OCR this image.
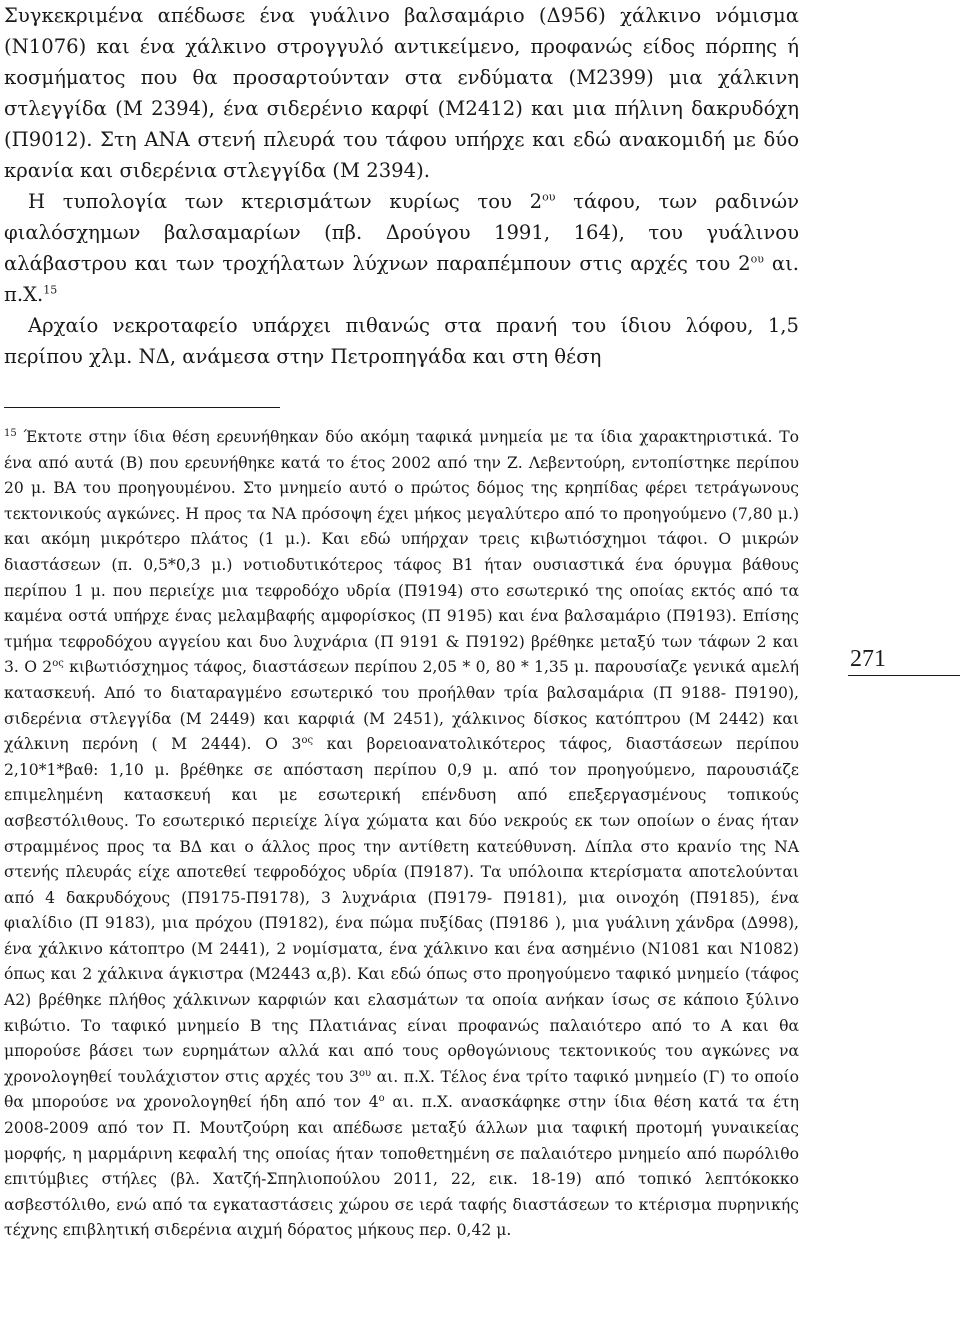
Συγκεκριμένα απέδωσε ένα γυάλινο βαλσαμάριο (Δ956) χάλκινο νόμισμα (Ν1076) και ένα χάλκινο στρογγυλό αντικείμενο, προφανώς είδος πόρπης ή κοσμήματος που θα προσαρτούνταν στα ενδύματα (Μ2399) μια χάλκινη στλεγγίδα (Μ 2394), ένα σιδερένιο καρφί (Μ2412) και μια πήλινη δακρυδόχη (Π9012). Στη ΑΝΑ στενή πλευρά του τάφου υπήρχε και εδώ ανακομιδή με δύο κρανία και σιδερένια στλεγγίδα (Μ 2394).

Η τυπολογία των κτερισμάτων κυρίως του $2^{o\upsilon}$ τάφου, των ραδινών φιαλόσχημων βαλσαμαρίων (πβ. Δρούγου 1991, 164), του γυάλινου αλάβαστρου και των τροχήλατων λύχνων παραπέμπουν στις αρχές του $2^{o\upsilon}$ αι. π.Χ.$^{15}$

Αρχαίο νεκροταφείο υπάρχει πιθανώς στα πρανή του ίδιου λόφου, 1,5 περίπου χλμ. ΝΔ, ανάμεσα στην Πετροπηγάδα και στη θέση

$^{15}$ Έκτοτε στην ίδια θέση ερευνήθηκαν δύο ακόμη ταφικά μνημεία με τα ίδια χαρακτηριστικά. Το ένα από αυτά (Β) που ερευνήθηκε κατά το έτος 2002 από την Ζ. Λεβεντούρη, εντοπίστηκε περίπου 20 μ. ΒΑ του προηγουμένου. Στο μνημείο αυτό ο πρώτος δόμος της κρηπίδας φέρει τετράγωνους τεκτονικούς αγκώνες. Η προς τα ΝΑ πρόσοψη έχει μήκος μεγαλύτερο από το προηγούμενο (7,80 μ.) και ακόμη μικρότερο πλάτος (1 μ.). Και εδώ υπήρχαν τρεις κιβωτιόσχημοι τάφοι. Ο μικρών διαστάσεων (π. 0,5*0,3 μ.) νοτιοδυτικότερος τάφος Β1 ήταν ουσιαστικά ένα όρυγμα βάθους περίπου 1 μ. που περιείχε μια τεφροδόχο υδρία (Π9194) στο εσωτερικό της οποίας εκτός από τα καμένα οστά υπήρχε ένας μελαμβαφής αμφορίσκος (Π 9195) και ένα βαλσαμάριο (Π9193). Επίσης τμήμα τεφροδόχου αγγείου και δυο λυχνάρια (Π 9191 & Π9192) βρέθηκε μεταξύ των τάφων 2 και 3. Ο $2^{o\varsigma}$ κιβωτιόσχημος τάφος, διαστάσεων περίπου 2,05 * 0, 80 * 1,35 μ. παρουσίαζε γενικά αμελή κατασκευή. Από το διαταραγμένο εσωτερικό του προήλθαν τρία βαλσαμάρια (Π 9188- Π9190), σιδερένια στλεγγίδα (Μ 2449) και καρφιά (Μ 2451), χάλκινος δίσκος κατόπτρου (Μ 2442) και χάλκινη περόνη ( Μ 2444). Ο $3^{o\varsigma}$ και βορειοανατολικότερος τάφος, διαστάσεων περίπου 2,10*1*βαθ: 1,10 μ. βρέθηκε σε απόσταση περίπου 0,9 μ. από τον προηγούμενο, παρουσιάζε επιμελημένη κατασκευή και με εσωτερική επένδυση από επεξεργασμένους τοπικούς ασβεστόλιθους. Το εσωτερικό περιείχε λίγα χώματα και δύο νεκρούς εκ των οποίων ο ένας ήταν στραμμένος προς τα ΒΔ και ο άλλος προς την αντίθετη κατεύθυνση. Δίπλα στο κρανίο της ΝΑ στενής πλευράς είχε αποτεθεί τεφροδόχος υδρία (Π9187). Τα υπόλοιπα κτερίσματα αποτελούνται από 4 δακρυδόχους (Π9175-Π9178), 3 λυχνάρια (Π9179- Π9181), μια οινοχόη (Π9185), ένα φιαλίδιο (Π 9183), μια πρόχου (Π9182), ένα πώμα πυξίδας (Π9186 ), μια γυάλινη χάνδρα (Δ998), ένα χάλκινο κάτοπτρο (Μ 2441), 2 νομίσματα, ένα χάλκινο και ένα ασημένιο (Ν1081 και Ν1082) όπως και 2 χάλκινα άγκιστρα (Μ2443 α,β). Και εδώ όπως στο προηγούμενο ταφικό μνημείο (τάφος Α2) βρέθηκε πλήθος χάλκινων καρφιών και ελασμάτων τα οποία ανήκαν ίσως σε κάποιο ξύλινο κιβώτιο. Το ταφικό μνημείο Β της Πλατιάνας είναι προφανώς παλαιότερο από το Α και θα μπορούσε βάσει των ευρημάτων αλλά και από τους ορθογώνιους τεκτονικούς του αγκώνες να χρονολογηθεί τουλάχιστον στις αρχές του $3^{o\upsilon}$ αι. π.Χ. Τέλος ένα τρίτο ταφικό μνημείο (Γ) το οποίο θα μπορούσε να χρονολογηθεί ήδη από τον $4^o$ αι. π.Χ. ανασκάφηκε στην ίδια θέση κατά τα έτη 2008-2009 από τον Π. Μουτζούρη και απέδωσε μεταξύ άλλων μια ταφική προτομή γυναικείας μορφής, η μαρμάρινη κεφαλή της οποίας ήταν τοποθετημένη σε παλαιότερο μνημείο από πωρόλιθο επιτύμβιες στήλες (βλ. Χατζή-Σπηλιοπούλου 2011, 22, εικ. 18-19) από τοπικό λεπτόκοκκο ασβεστόλιθο, ενώ από τα εγκαταστάσεις χώρου σε ιερά ταφής διαστάσεων το κτέρισμα πυρηνικής τέχνης επιβλητική σιδερένια αιχμή δόρατος μήκους περ. 0,42 μ.

271
